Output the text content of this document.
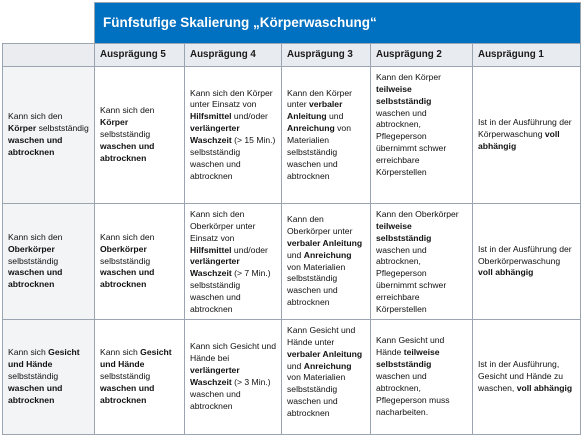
	Fünfstufige Skalierung „Körperwaschung“				
	Ausprägung 5	Ausprägung 4	Ausprägung 3	Ausprägung 2	Ausprägung 1
Kann sich den Körper selbstständig waschen und abtrocknen	Kann sich den Körper selbstständig waschen und abtrocknen	Kann sich den Körper unter Einsatz von Hilfsmittel und/oder verlängerter Waschzeit (> 15 Min.) selbstständig waschen und abtrocknen	Kann den Körper unter verbaler Anleitung und Anreichung von Materialien selbstständig waschen und abtrocknen	Kann den Körper teilweise selbstständig waschen und abtrocknen, Pflegeperson übernimmt schwer erreichbare Körperstellen	Ist in der Ausführung der Körperwaschung voll abhängig
Kann sich den Oberkörper selbstständig waschen und abtrocknen	Kann sich den Oberkörper selbstständig waschen und abtrocknen	Kann sich den Oberkörper unter Einsatz von Hilfsmittel und/oder verlängerter Waschzeit (> 7 Min.) selbstständig waschen und abtrocknen	Kann den Oberkörper unter verbaler Anleitung und Anreichung von Materialien selbstständig waschen und abtrocknen	Kann den Oberkörper teilweise selbstständig waschen und abtrocknen, Pflegeperson übernimmt schwer erreichbare Körperstellen	Ist in der Ausführung der Oberkörperwaschung voll abhängig
Kann sich Gesicht und Hände selbstständig waschen und abtrocknen	Kann sich Gesicht und Hände selbstständig waschen und abtrocknen	Kann sich Gesicht und Hände bei verlängerter Waschzeit (> 3 Min.) waschen und abtrocknen	Kann Gesicht und Hände unter verbaler Anleitung und Anreichung von Materialien selbstständig waschen und abtrocknen	Kann Gesicht und Hände teilweise selbstständig waschen und abtrocknen, Pflegeperson muss nacharbeiten.	Ist in der Ausführung, Gesicht und Hände zu waschen, voll abhängig
